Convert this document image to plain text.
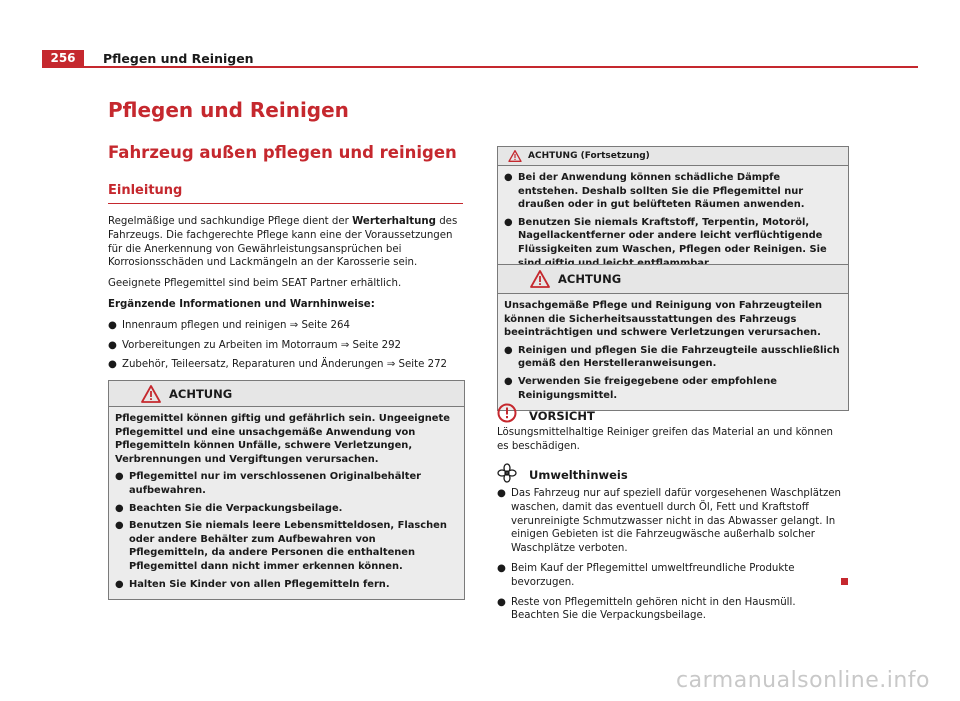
256	Pflegen und Reinigen
Pflegen und Reinigen
Fahrzeug außen pflegen und reinigen
Einleitung

Regelmäßige und sachkundige Pflege dient der Werterhaltung des Fahrzeugs. Die fachgerechte Pflege kann eine der Voraussetzungen für die Anerkennung von Gewährleistungsansprüchen bei Korrosionsschäden und Lackmängeln an der Karosserie sein.

Geeignete Pflegemittel sind beim SEAT Partner erhältlich.

Ergänzende Informationen und Warnhinweise:

● Innenraum pflegen und reinigen ⇒ Seite 264
● Vorbereitungen zu Arbeiten im Motorraum ⇒ Seite 292
● Zubehör, Teileersatz, Reparaturen und Änderungen ⇒ Seite 272
ACHTUNG

Pflegemittel können giftig und gefährlich sein. Ungeeignete Pflegemittel und eine unsachgemäße Anwendung von Pflegemitteln können Unfälle, schwere Verletzungen, Verbrennungen und Vergiftungen verursachen.

● Pflegemittel nur im verschlossenen Originalbehälter aufbewahren.
● Beachten Sie die Verpackungsbeilage.
● Benutzen Sie niemals leere Lebensmitteldosen, Flaschen oder andere Behälter zum Aufbewahren von Pflegemitteln, da andere Personen die enthaltenen Pflegemittel dann nicht immer erkennen können.
● Halten Sie Kinder von allen Pflegemitteln fern.
ACHTUNG (Fortsetzung)
● Bei der Anwendung können schädliche Dämpfe entstehen. Deshalb sollten Sie die Pflegemittel nur draußen oder in gut belüfteten Räumen anwenden.
● Benutzen Sie niemals Kraftstoff, Terpentin, Motoröl, Nagellackentferner oder andere leicht verflüchtigende Flüssigkeiten zum Waschen, Pflegen oder Reinigen. Sie
ACHTUNG

Unsachgemäße Pflege und Reinigung von Fahrzeugteilen können die Sicherheitsausstattungen des Fahrzeugs beeinträchtigen und schwere Verletzungen verursachen.

● Reinigen und pflegen Sie die Fahrzeugteile ausschließlich gemäß den Herstelleranweisungen.
● Verwenden Sie freigegebene oder empfohlene Reinigungsmittel.
VORSICHT

Lösungsmittelhaltige Reiniger greifen das Material an und können es beschädigen.

Umwelthinweis
● Das Fahrzeug nur auf speziell dafür vorgesehenen Waschplätzen waschen, damit das eventuell durch Öl, Fett und Kraftstoff verunreinigte Schmutzwasser nicht in das Abwasser gelangt. In einigen Gebieten ist die Fahrzeugwäsche außerhalb solcher Waschplätze verboten.
● Beim Kauf der Pflegemittel umweltfreundliche Produkte bevorzugen.
● Reste von Pflegemitteln gehören nicht in den Hausmüll. Beachten Sie die Verpackungsbeilage.
carmanualsonline.info
